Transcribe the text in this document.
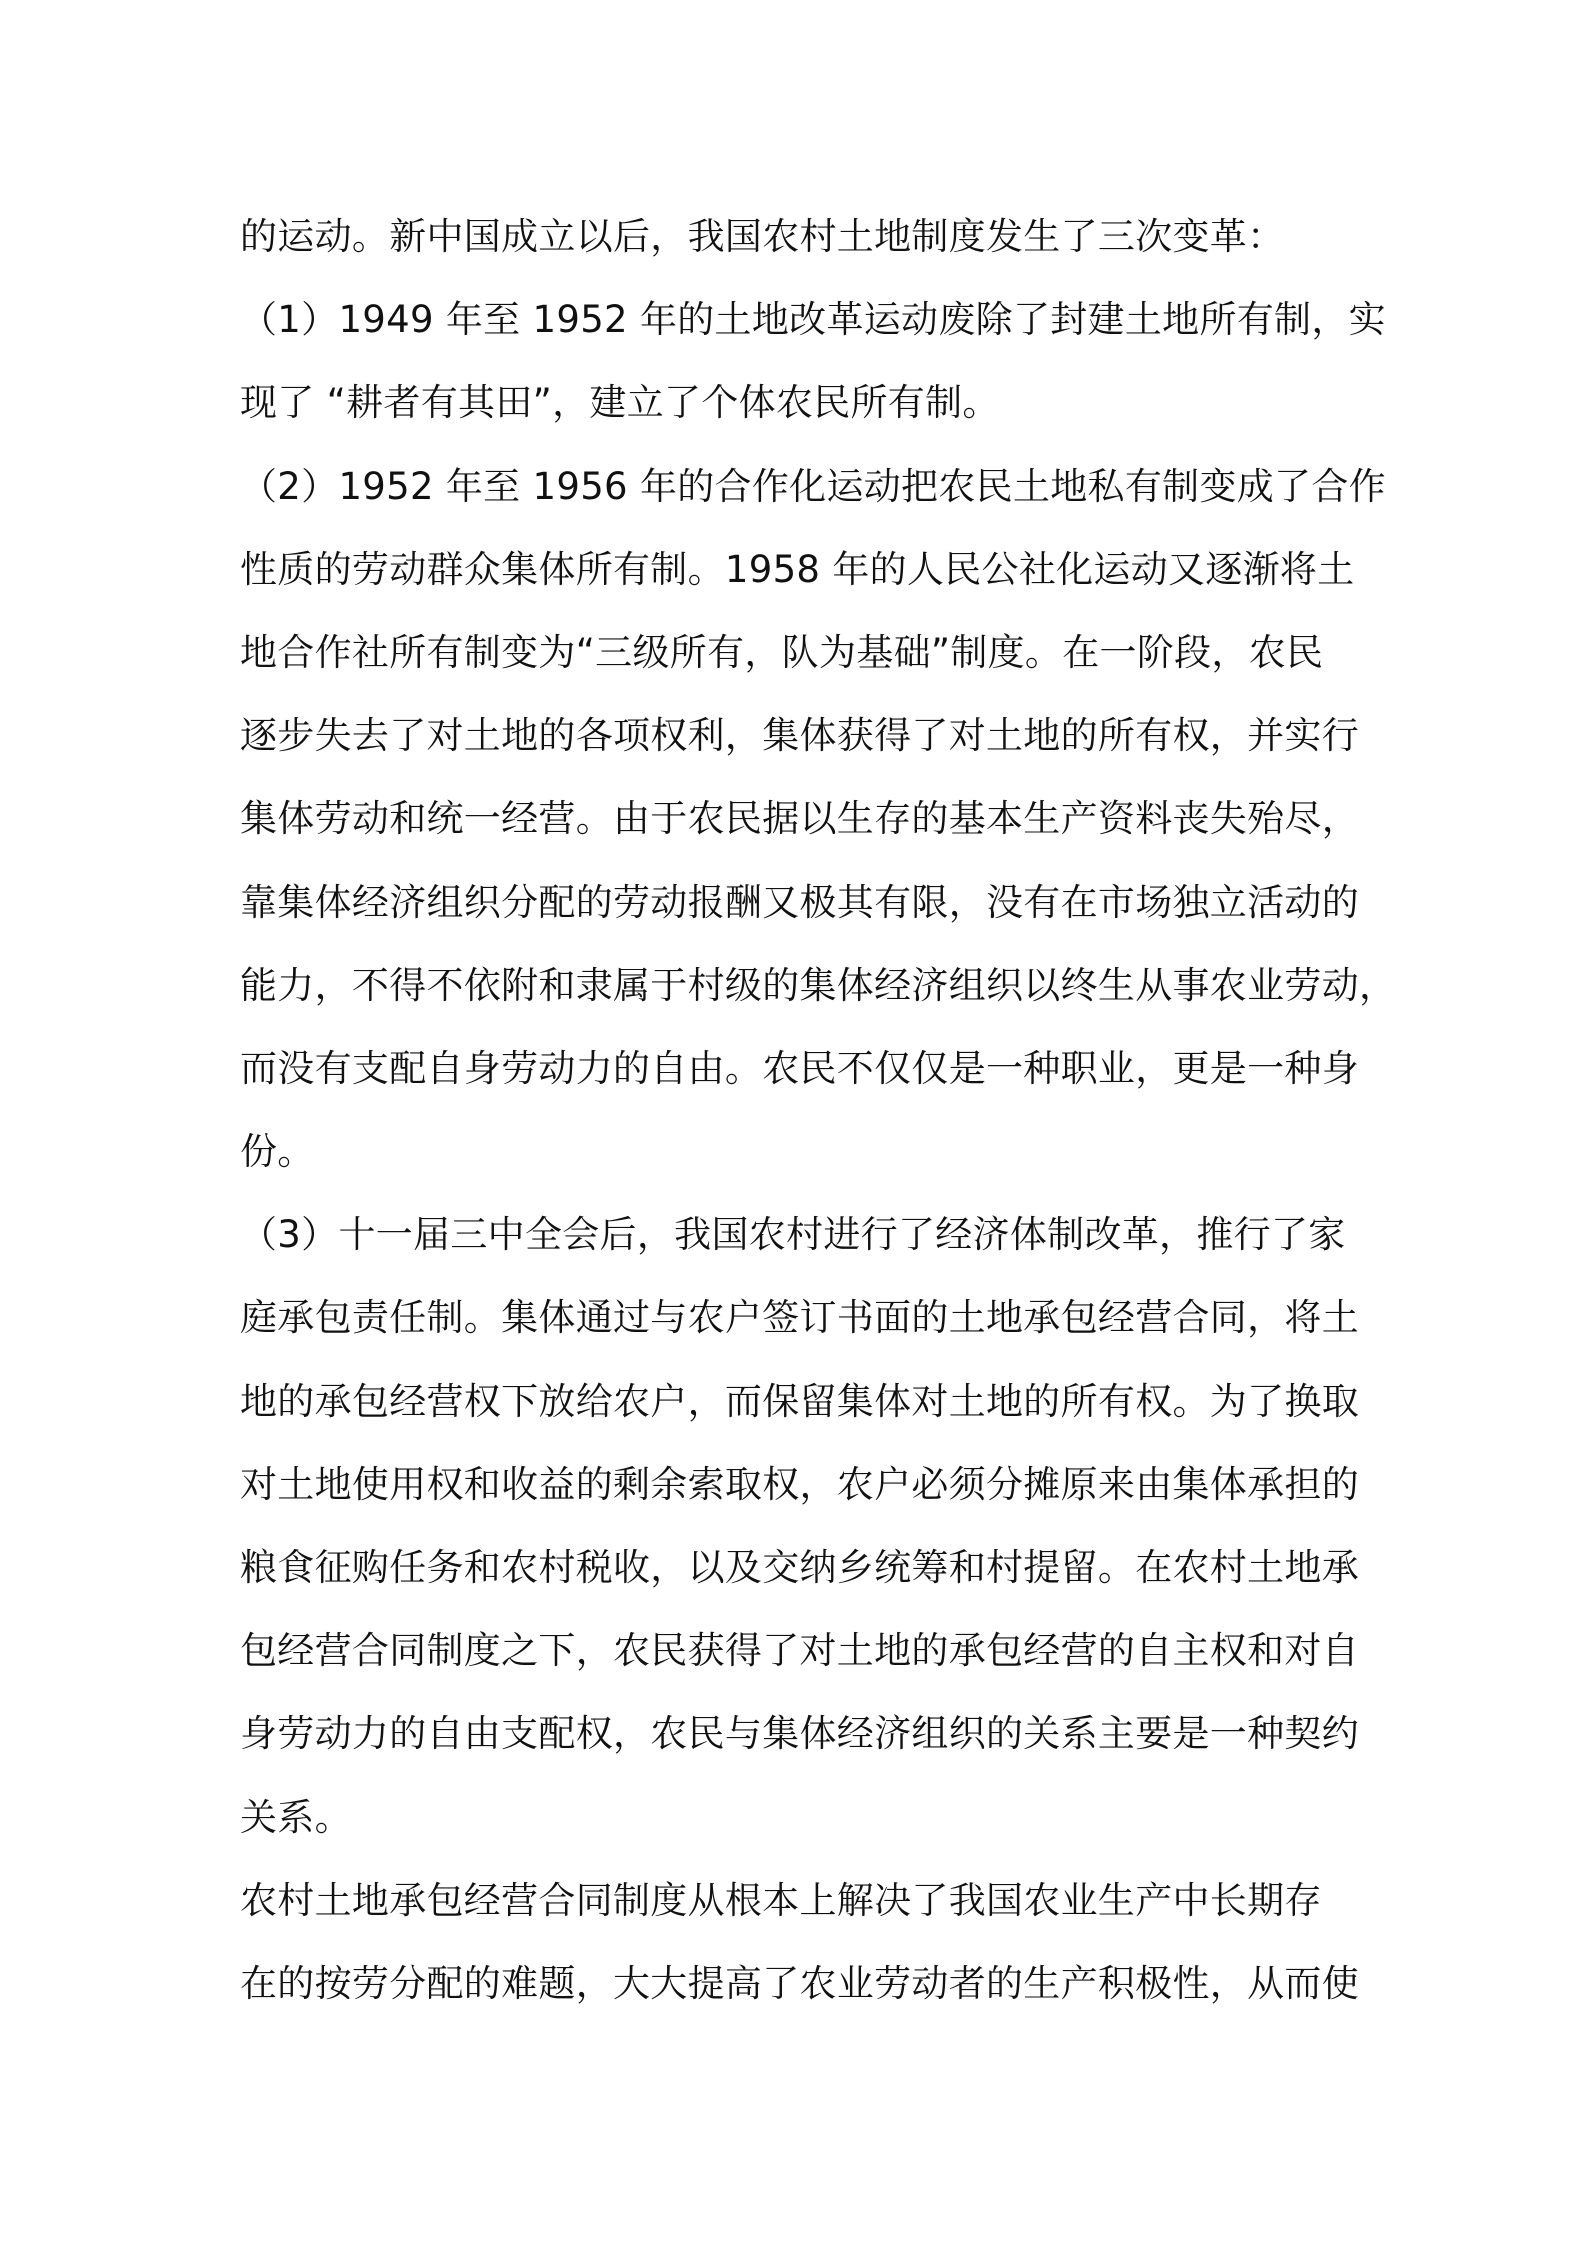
的运动。新中国成立以后，我国农村土地制度发生了三次变革：
（1）1949 年至 1952 年的土地改革运动废除了封建土地所有制，实
现了 “耕者有其田”，建立了个体农民所有制。
（2）1952 年至 1956 年的合作化运动把农民土地私有制变成了合作
性质的劳动群众集体所有制。1958 年的人民公社化运动又逐渐将土
地合作社所有制变为“三级所有，队为基础”制度。在一阶段，农民
逐步失去了对土地的各项权利，集体获得了对土地的所有权，并实行
集体劳动和统一经营。由于农民据以生存的基本生产资料丧失殆尽，
靠集体经济组织分配的劳动报酬又极其有限，没有在市场独立活动的
能力，不得不依附和隶属于村级的集体经济组织以终生从事农业劳动，
而没有支配自身劳动力的自由。农民不仅仅是一种职业，更是一种身
份。
（3）十一届三中全会后，我国农村进行了经济体制改革，推行了家
庭承包责任制。集体通过与农户签订书面的土地承包经营合同，将土
地的承包经营权下放给农户，而保留集体对土地的所有权。为了换取
对土地使用权和收益的剩余索取权，农户必须分摊原来由集体承担的
粮食征购任务和农村税收，以及交纳乡统筹和村提留。在农村土地承
包经营合同制度之下，农民获得了对土地的承包经营的自主权和对自
身劳动力的自由支配权，农民与集体经济组织的关系主要是一种契约
关系。
农村土地承包经营合同制度从根本上解决了我国农业生产中长期存
在的按劳分配的难题，大大提高了农业劳动者的生产积极性，从而使
